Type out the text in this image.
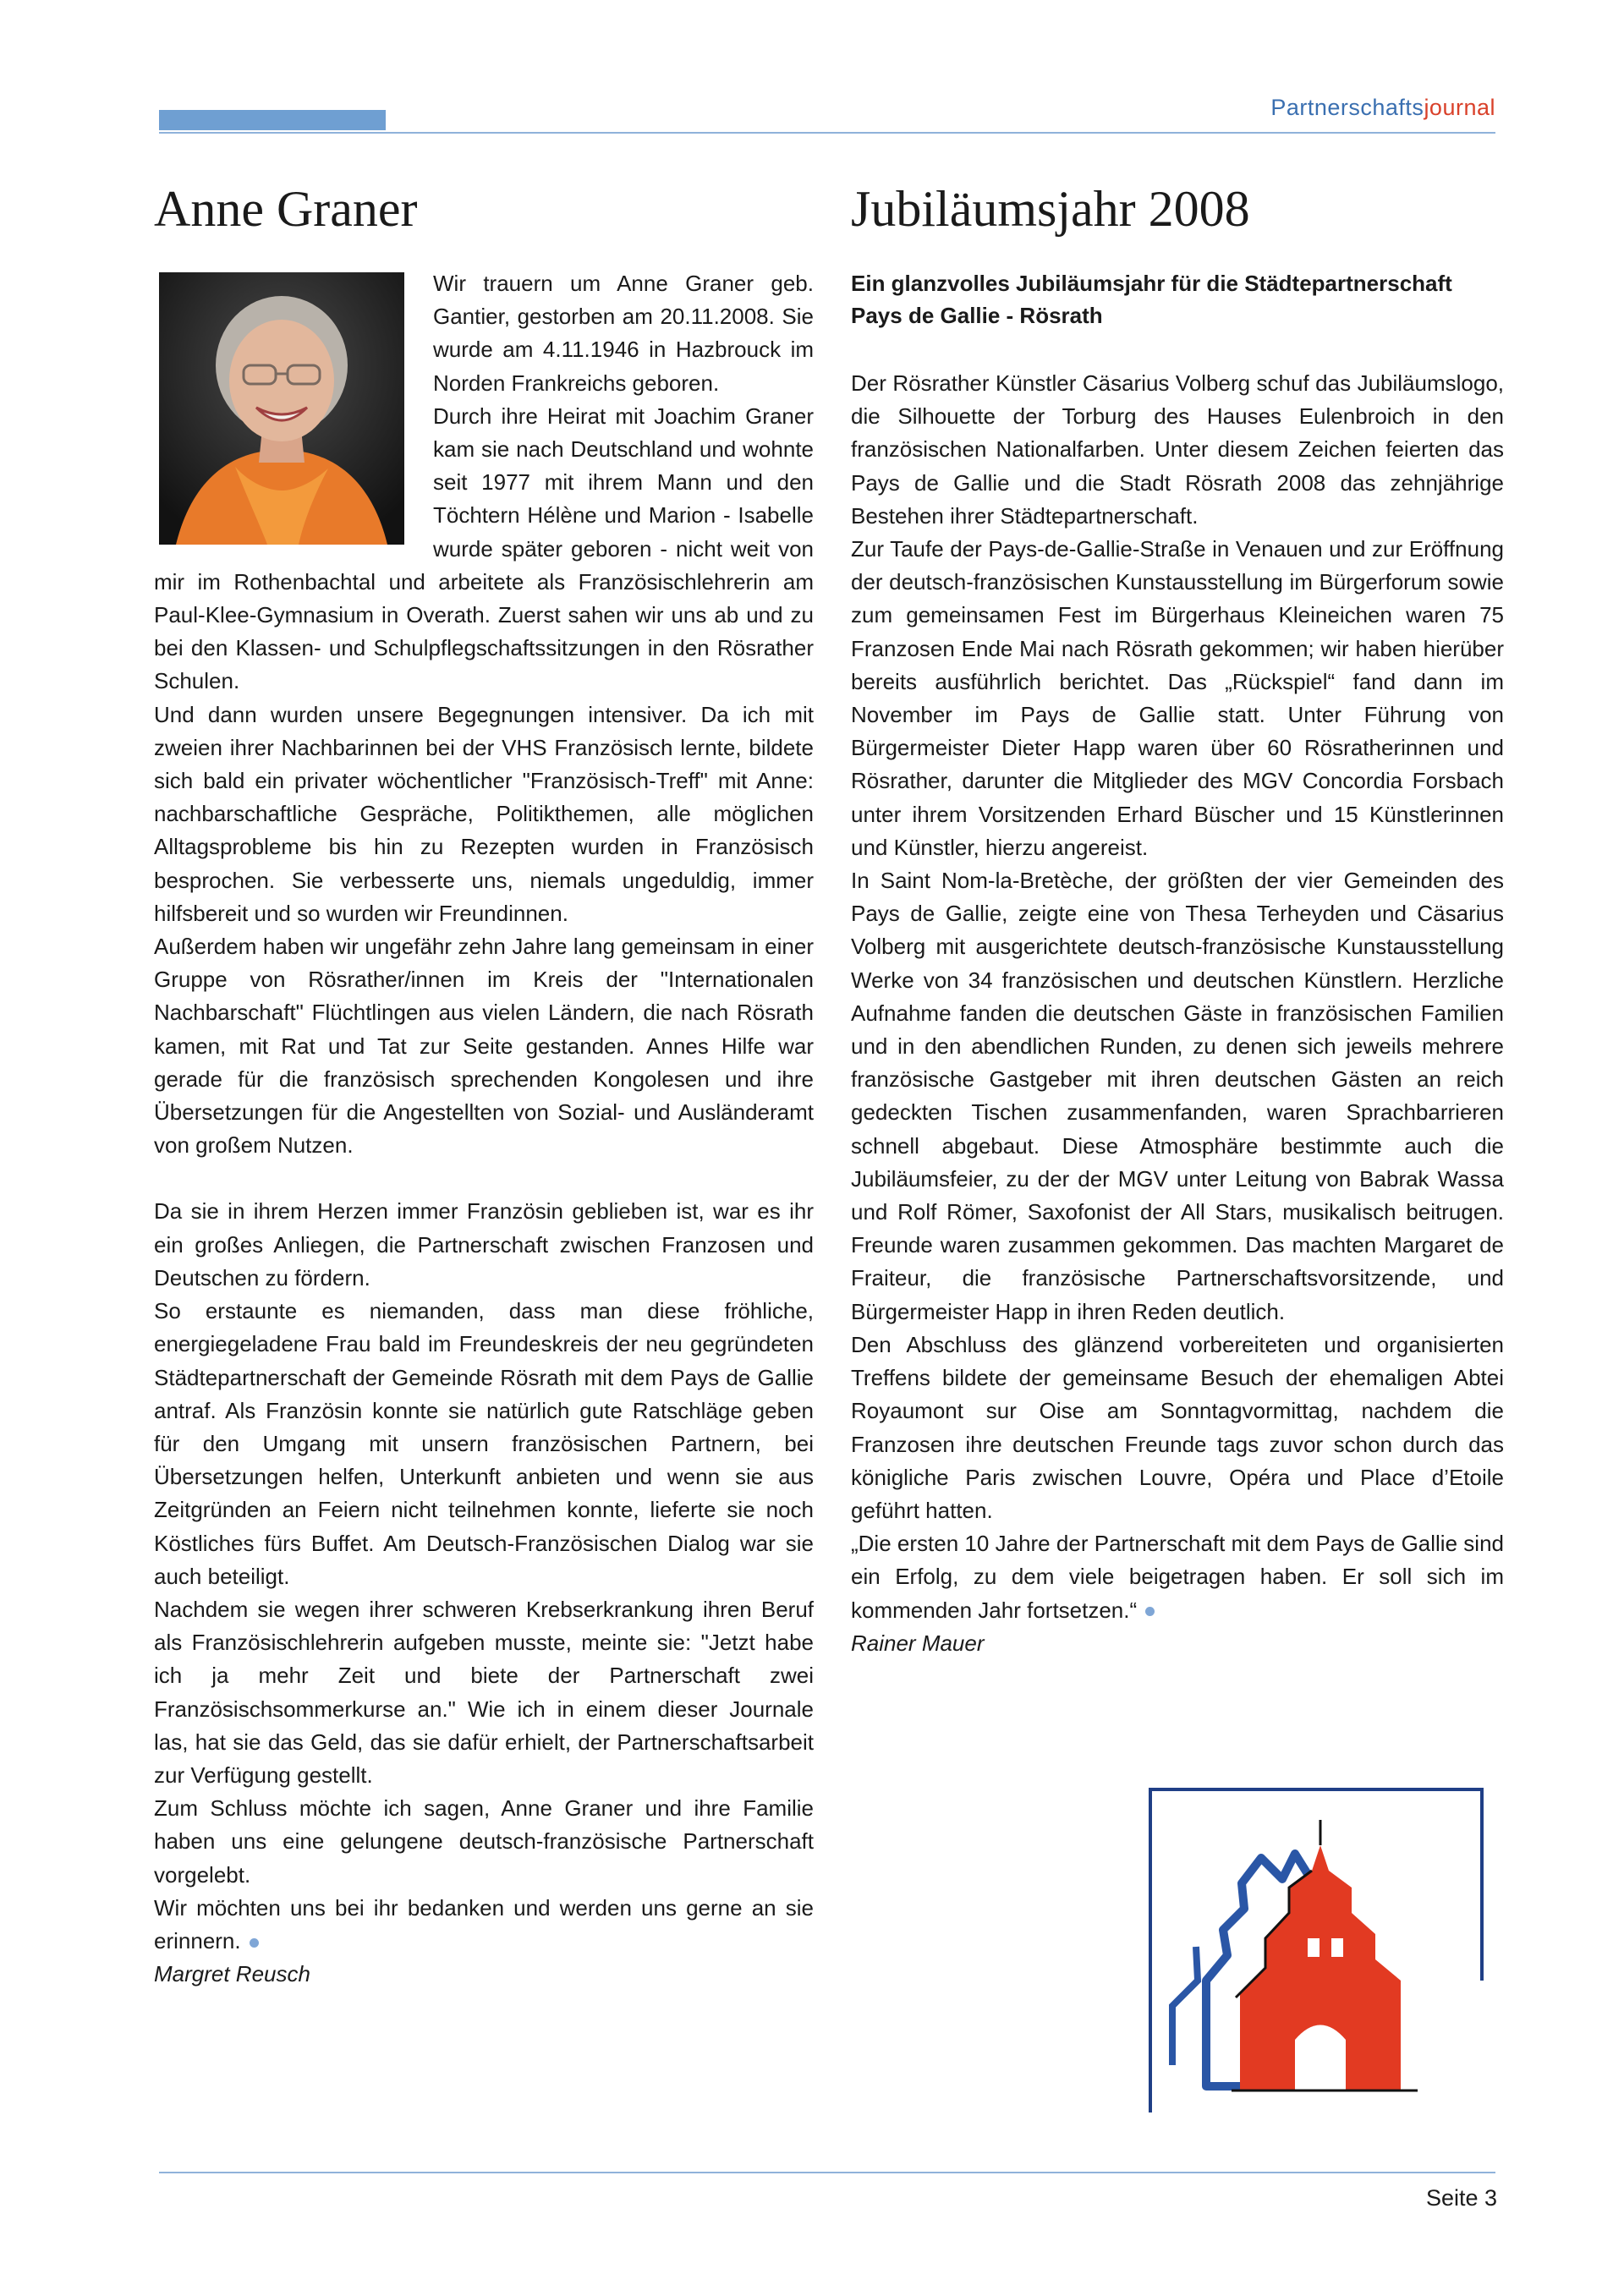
Partnerschaftsjournal
Anne Graner

Wir trauern um Anne Graner geb. Gantier, gestorben am 20.11.2008. Sie wurde am 4.11.1946 in Hazbrouck im Norden Frankreichs geboren.

Durch ihre Heirat mit Joachim Graner kam sie nach Deutschland und wohnte seit 1977 mit ihrem Mann und den Töchtern Hélène und Marion - Isabelle wurde später geboren - nicht weit von mir im Rothenbachtal und arbeitete als Französischlehrerin am Paul-Klee-Gymnasium in Overath. Zuerst sahen wir uns ab und zu bei den Klassen- und Schulpflegschaftssitzungen in den Rösrather Schulen.

Und dann wurden unsere Begegnungen intensiver. Da ich mit zweien ihrer Nachbarinnen bei der VHS Französisch lernte, bildete sich bald ein privater wöchentlicher "Französisch-Treff" mit Anne: nachbarschaftliche Gespräche, Politikthemen, alle möglichen Alltagsprobleme bis hin zu Rezepten wurden in Französisch besprochen. Sie verbesserte uns, niemals ungeduldig, immer hilfsbereit und so wurden wir Freundinnen.

Außerdem haben wir ungefähr zehn Jahre lang gemeinsam in einer Gruppe von Rösrather/innen im Kreis der "Internationalen Nachbarschaft" Flüchtlingen aus vielen Ländern, die nach Rösrath kamen, mit Rat und Tat zur Seite gestanden. Annes Hilfe war gerade für die französisch sprechenden Kongolesen und ihre Übersetzungen für die Angestellten von Sozial- und Ausländeramt von großem Nutzen.

Da sie in ihrem Herzen immer Französin geblieben ist, war es ihr ein großes Anliegen, die Partnerschaft zwischen Franzosen und Deutschen zu fördern.

So erstaunte es niemanden, dass man diese fröhliche, energiegeladene Frau bald im Freundeskreis der neu gegründeten Städtepartnerschaft der Gemeinde Rösrath mit dem Pays de Gallie antraf. Als Französin konnte sie natürlich gute Ratschläge geben für den Umgang mit unsern französischen Partnern, bei Übersetzungen helfen, Unterkunft anbieten und wenn sie aus Zeitgründen an Feiern nicht teilnehmen konnte, lieferte sie noch Köstliches fürs Buffet. Am Deutsch-Französischen Dialog war sie auch beteiligt.

Nachdem sie wegen ihrer schweren Krebserkrankung ihren Beruf als Französischlehrerin aufgeben musste, meinte sie: "Jetzt habe ich ja mehr Zeit und biete der Partnerschaft zwei Französischsommerkurse an." Wie ich in einem dieser Journale las, hat sie das Geld, das sie dafür erhielt, der Partnerschaftsarbeit zur Verfügung gestellt.

Zum Schluss möchte ich sagen, Anne Graner und ihre Familie haben uns eine gelungene deutsch-französische Partnerschaft vorgelebt.

Wir möchten uns bei ihr bedanken und werden uns gerne an sie erinnern.

Margret Reusch

Jubiläumsjahr 2008

Ein glanzvolles Jubiläumsjahr für die Städtepartnerschaft Pays de Gallie - Rösrath

Der Rösrather Künstler Cäsarius Volberg schuf das Jubiläumslogo, die Silhouette der Torburg des Hauses Eulenbroich in den französischen Nationalfarben. Unter diesem Zeichen feierten das Pays de Gallie und die Stadt Rösrath 2008 das zehnjährige Bestehen ihrer Städtepartnerschaft.

Zur Taufe der Pays-de-Gallie-Straße in Venauen und zur Eröffnung der deutsch-französischen Kunstausstellung im Bürgerforum sowie zum gemeinsamen Fest im Bürgerhaus Kleineichen waren 75 Franzosen Ende Mai nach Rösrath gekommen; wir haben hierüber bereits ausführlich berichtet. Das „Rückspiel“ fand dann im November im Pays de Gallie statt. Unter Führung von Bürgermeister Dieter Happ waren über 60 Rösratherinnen und Rösrather, darunter die Mitglieder des MGV Concordia Forsbach unter ihrem Vorsitzenden Erhard Büscher und 15 Künstlerinnen und Künstler, hierzu angereist.

In Saint Nom-la-Bretèche, der größten der vier Gemeinden des Pays de Gallie, zeigte eine von Thesa Terheyden und Cäsarius Volberg mit ausgerichtete deutsch-französische Kunstausstellung Werke von 34 französischen und deutschen Künstlern. Herzliche Aufnahme fanden die deutschen Gäste in französischen Familien und in den abendlichen Runden, zu denen sich jeweils mehrere französische Gastgeber mit ihren deutschen Gästen an reich gedeckten Tischen zusammenfanden, waren Sprachbarrieren schnell abgebaut. Diese Atmosphäre bestimmte auch die Jubiläumsfeier, zu der der MGV unter Leitung von Babrak Wassa und Rolf Römer, Saxofonist der All Stars, musikalisch beitrugen. Freunde waren zusammen gekommen. Das machten Margaret de Fraiteur, die französische Partnerschaftsvorsitzende, und Bürgermeister Happ in ihren Reden deutlich.

Den Abschluss des glänzend vorbereiteten und organisierten Treffens bildete der gemeinsame Besuch der ehemaligen Abtei Royaumont sur Oise am Sonntagvormittag, nachdem die Franzosen ihre deutschen Freunde tags zuvor schon durch das königliche Paris zwischen Louvre, Opéra und Place d’Etoile geführt hatten.

„Die ersten 10 Jahre der Partnerschaft mit dem Pays de Gallie sind ein Erfolg, zu dem viele beigetragen haben. Er soll sich im kommenden Jahr fortsetzen.“

Rainer Mauer

Seite 3
